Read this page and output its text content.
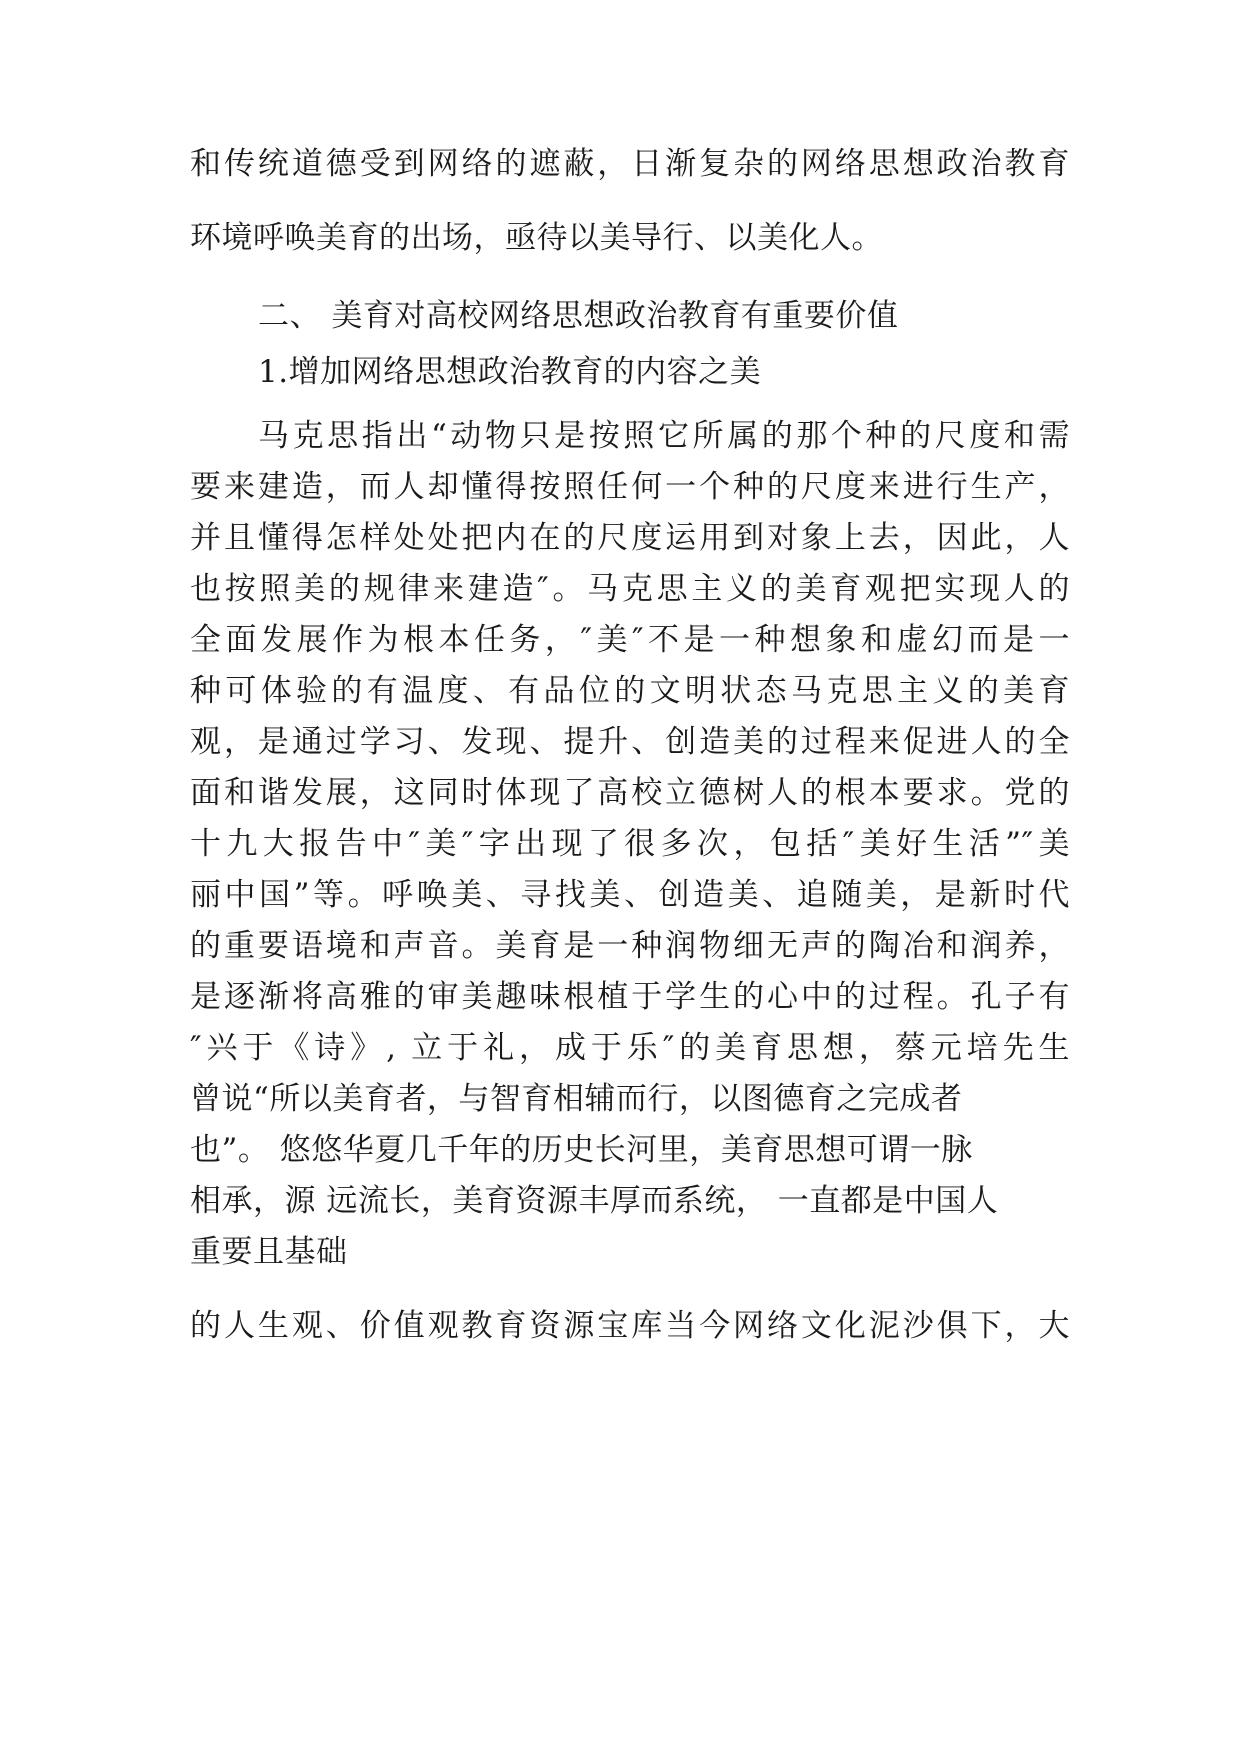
和传统道德受到网络的遮蔽，日渐复杂的网络思想政治教育
环境呼唤美育的出场，亟待以美导行、以美化人。
二、 美育对高校网络思想政治教育有重要价值
1.增加网络思想政治教育的内容之美
马克思指出“动物只是按照它所属的那个种的尺度和需
要来建造，而人却懂得按照任何一个种的尺度来进行生产，
并且懂得怎样处处把内在的尺度运用到对象上去，因此，人
也按照美的规律来建造″。马克思主义的美育观把实现人的
全面发展作为根本任务，″美″不是一种想象和虚幻而是一
种可体验的有温度、有品位的文明状态马克思主义的美育
观，是通过学习、发现、提升、创造美的过程来促进人的全
面和谐发展，这同时体现了高校立德树人的根本要求。党的
十九大报告中″美″字出现了很多次，包括″美好生活”″美
丽中国”等。呼唤美、寻找美、创造美、追随美，是新时代
的重要语境和声音。美育是一种润物细无声的陶冶和润养，
是逐渐将高雅的审美趣味根植于学生的心中的过程。孔子有
″兴于《诗》, 立于礼，成于乐″的美育思想，蔡元培先生
曾说“所以美育者，与智育相辅而行，以图德育之完成者
也”。 悠悠华夏几千年的历史长河里，美育思想可谓一脉
相承，源 远流长，美育资源丰厚而系统， 一直都是中国人
重要且基础
的人生观、价值观教育资源宝库当今网络文化泥沙俱下，大
